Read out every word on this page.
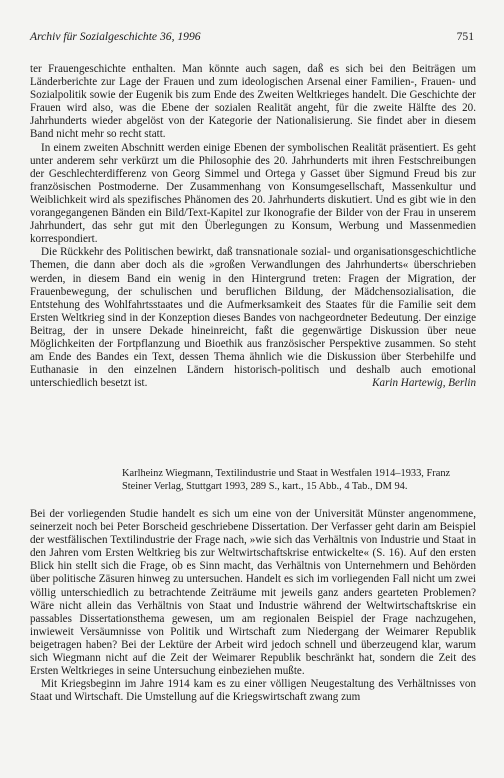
Archiv für Sozialgeschichte 36, 1996	751

ter Frauengeschichte enthalten. Man könnte auch sagen, daß es sich bei den Beiträgen um Länderberichte zur Lage der Frauen und zum ideologischen Arsenal einer Familien-, Frauen- und Sozialpolitik sowie der Eugenik bis zum Ende des Zweiten Weltkrieges handelt. Die Geschichte der Frauen wird also, was die Ebene der sozialen Realität angeht, für die zweite Hälfte des 20. Jahrhunderts wieder abgelöst von der Kategorie der Nationalisierung. Sie findet aber in diesem Band nicht mehr so recht statt.

In einem zweiten Abschnitt werden einige Ebenen der symbolischen Realität präsentiert. Es geht unter anderem sehr verkürzt um die Philosophie des 20. Jahrhunderts mit ihren Festschreibungen der Geschlechterdifferenz von Georg Simmel und Ortega y Gasset über Sigmund Freud bis zur französischen Postmoderne. Der Zusammenhang von Konsumgesellschaft, Massenkultur und Weiblichkeit wird als spezifisches Phänomen des 20. Jahrhunderts diskutiert. Und es gibt wie in den vorangegangenen Bänden ein Bild/Text-Kapitel zur Ikonografie der Bilder von der Frau in unserem Jahrhundert, das sehr gut mit den Überlegungen zu Konsum, Werbung und Massenmedien korrespondiert.

Die Rückkehr des Politischen bewirkt, daß transnationale sozial- und organisationsgeschichtliche Themen, die dann aber doch als die »großen Verwandlungen des Jahrhunderts« überschrieben werden, in diesem Band ein wenig in den Hintergrund treten: Fragen der Migration, der Frauenbewegung, der schulischen und beruflichen Bildung, der Mädchensozialisation, die Entstehung des Wohlfahrtsstaates und die Aufmerksamkeit des Staates für die Familie seit dem Ersten Weltkrieg sind in der Konzeption dieses Bandes von nachgeordneter Bedeutung. Der einzige Beitrag, der in unsere Dekade hineinreicht, faßt die gegenwärtige Diskussion über neue Möglichkeiten der Fortpflanzung und Bioethik aus französischer Perspektive zusammen. So steht am Ende des Bandes ein Text, dessen Thema ähnlich wie die Diskussion über Sterbehilfe und Euthanasie in den einzelnen Ländern historisch-politisch und deshalb auch emotional unterschiedlich besetzt ist.	Karin Hartewig, Berlin

Karlheinz Wiegmann, Textilindustrie und Staat in Westfalen 1914–1933, Franz
Steiner Verlag, Stuttgart 1993, 289 S., kart., 15 Abb., 4 Tab., DM 94.

Bei der vorliegenden Studie handelt es sich um eine von der Universität Münster angenommene, seinerzeit noch bei Peter Borscheid geschriebene Dissertation. Der Verfasser geht darin am Beispiel der westfälischen Textilindustrie der Frage nach, »wie sich das Verhältnis von Industrie und Staat in den Jahren vom Ersten Weltkrieg bis zur Weltwirtschaftskrise entwickelte« (S. 16). Auf den ersten Blick hin stellt sich die Frage, ob es Sinn macht, das Verhältnis von Unternehmern und Behörden über politische Zäsuren hinweg zu untersuchen. Handelt es sich im vorliegenden Fall nicht um zwei völlig unterschiedlich zu betrachtende Zeiträume mit jeweils ganz anders gearteten Problemen? Wäre nicht allein das Verhältnis von Staat und Industrie während der Weltwirtschaftskrise ein passables Dissertationsthema gewesen, um am regionalen Beispiel der Frage nachzugehen, inwieweit Versäumnisse von Politik und Wirtschaft zum Niedergang der Weimarer Republik beigetragen haben? Bei der Lektüre der Arbeit wird jedoch schnell und überzeugend klar, warum sich Wiegmann nicht auf die Zeit der Weimarer Republik beschränkt hat, sondern die Zeit des Ersten Weltkrieges in seine Untersuchung einbeziehen mußte.

Mit Kriegsbeginn im Jahre 1914 kam es zu einer völligen Neugestaltung des Verhältnisses von Staat und Wirtschaft. Die Umstellung auf die Kriegswirtschaft zwang zum
